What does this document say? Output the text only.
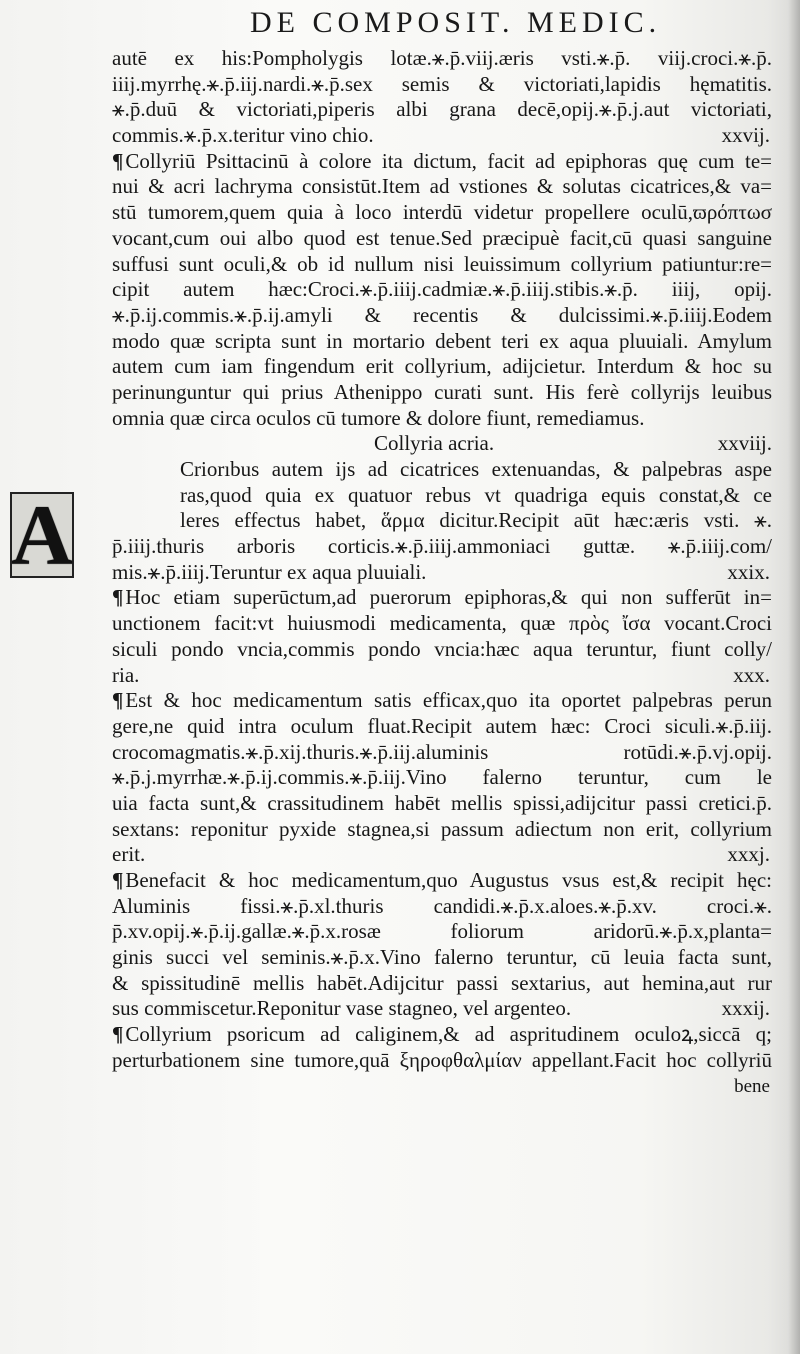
DE COMPOSIT. MEDIC.
A
autē ex his:Pompholygis lotæ.⚹.p̄.viij.æris vsti.⚹.p̄. viij.croci.⚹.p̄.
iiij.myrrhę.⚹.p̄.iij.nardi.⚹.p̄.sex semis & victoriati,lapidis hęmatitis.
⚹.p̄.duū & victoriati,piperis albi grana decē,opij.⚹.p̄.j.aut victoriati,
commis.⚹.p̄.x.teritur vino chio.	xxvij.
¶Collyriū Psittacinū à colore ita dictum, facit ad epiphoras quę cum te=
nui & acri lachryma consistūt.Item ad vstiones & solutas cicatrices,& va=
stū tumorem,quem quia à loco interdū videtur propellere oculū,ϖρόπτωσ
vocant,cum oui albo quod est tenue.Sed præcipuè facit,cū quasi sanguine
suffusi sunt oculi,& ob id nullum nisi leuissimum collyrium patiuntur:re=
cipit autem hæc:Croci.⚹.p̄.iiij.cadmiæ.⚹.p̄.iiij.stibis.⚹.p̄. iiij, opij.
⚹.p̄.ij.commis.⚹.p̄.ij.amyli & recentis & dulcissimi.⚹.p̄.iiij.Eodem
modo quæ scripta sunt in mortario debent teri ex aqua pluuiali. Amylum
autem cum iam fingendum erit collyrium, adijcietur. Interdum & hoc su
perinunguntur qui prius Athenippo curati sunt. His ferè collyrijs leuibus
omnia quæ circa oculos cū tumore & dolore fiunt, remediamus.
Collyria acria.	xxviij.
Criorıbus autem ijs ad cicatrices extenuandas, & palpebras aspe
ras,quod quia ex quatuor rebus vt quadriga equis constat,& ce
leres effectus habet, ἅρμα dicitur.Recipit aūt hæc:æris vsti. ⚹.
p̄.iiij.thuris arboris corticis.⚹.p̄.iiij.ammoniaci guttæ. ⚹.p̄.iiij.com/
mis.⚹.p̄.iiij.Teruntur ex aqua pluuiali.	xxix.
¶Hoc etiam superūctum,ad puerorum epiphoras,& qui non sufferūt in=
unctionem facit:vt huiusmodi medicamenta, quæ πρὸς ἴσα vocant.Croci
siculi pondo vncia,commis pondo vncia:hæc aqua teruntur, fiunt colly/
ria.	xxx.
¶Est & hoc medicamentum satis efficax,quo ita oportet palpebras perun
gere,ne quid intra oculum fluat.Recipit autem hæc: Croci siculi.⚹.p̄.iij.
crocomagmatis.⚹.p̄.xij.thuris.⚹.p̄.iij.aluminis rotūdi.⚹.p̄.vj.opij.
⚹.p̄.j.myrrhæ.⚹.p̄.ij.commis.⚹.p̄.iij.Vino falerno teruntur, cum le
uia facta sunt,& crassitudinem habēt mellis spissi,adijcitur passi cretici.p̄.
sextans: reponitur pyxide stagnea,si passum adiectum non erit, collyrium
erit.	xxxj.
¶Benefacit & hoc medicamentum,quo Augustus vsus est,& recipit hęc:
Aluminis fissi.⚹.p̄.xl.thuris candidi.⚹.p̄.x.aloes.⚹.p̄.xv. croci.⚹.
p̄.xv.opij.⚹.p̄.ij.gallæ.⚹.p̄.x.rosæ foliorum aridorū.⚹.p̄.x,planta=
ginis succi vel seminis.⚹.p̄.x.Vino falerno teruntur, cū leuia facta sunt,
& spissitudinē mellis habēt.Adijcitur passi sextarius, aut hemina,aut rur
sus commiscetur.Reponitur vase stagneo, vel argenteo.	xxxij.
¶Collyrium psoricum ad caliginem,& ad aspritudinem oculoꝝ,siccā q;
perturbationem sine tumore,quā ξηροφθαλμίαν appellant.Facit hoc collyriū
bene
